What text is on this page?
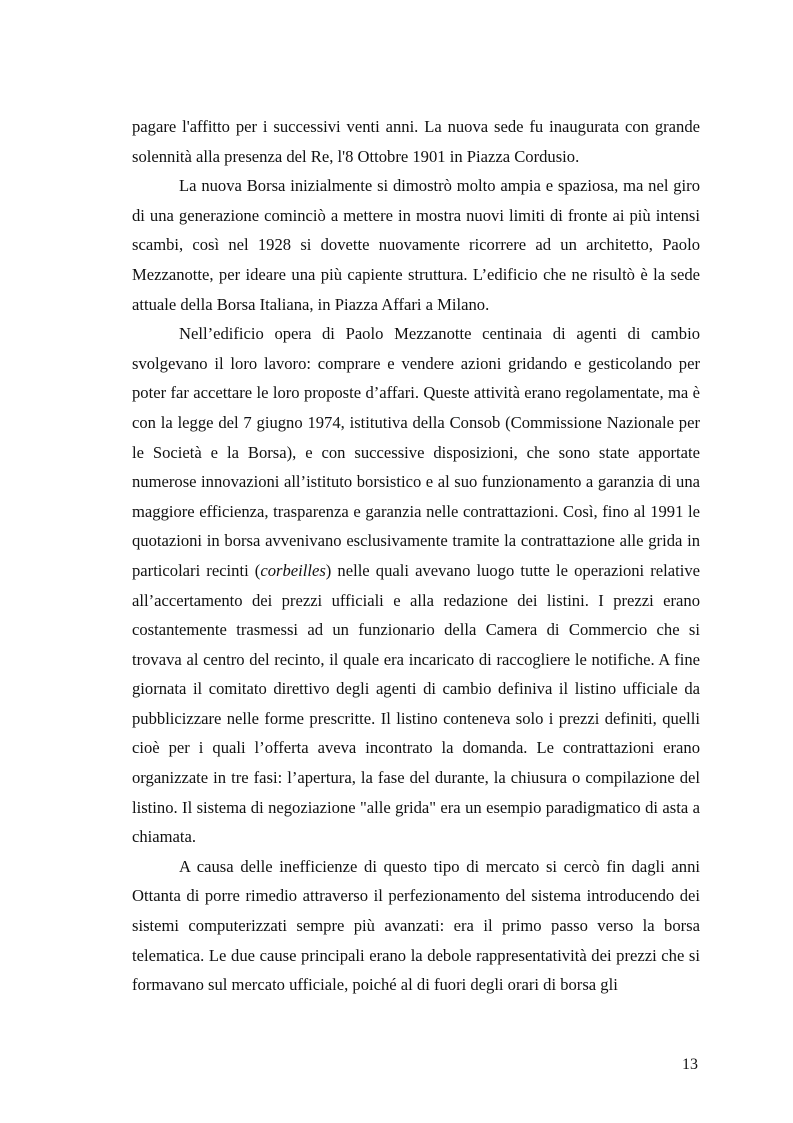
pagare l'affitto per i successivi venti anni. La nuova sede fu inaugurata con grande solennità alla presenza del Re, l'8 Ottobre 1901 in Piazza Cordusio.

La nuova Borsa inizialmente si dimostrò molto ampia e spaziosa, ma nel giro di una generazione cominciò a mettere in mostra nuovi limiti di fronte ai più intensi scambi, così nel 1928 si dovette nuovamente ricorrere ad un architetto, Paolo Mezzanotte, per ideare una più capiente struttura. L’edificio che ne risultò è la sede attuale della Borsa Italiana, in Piazza Affari a Milano.

Nell’edificio opera di Paolo Mezzanotte centinaia di agenti di cambio svolgevano il loro lavoro: comprare e vendere azioni gridando e gesticolando per poter far accettare le loro proposte d’affari. Queste attività erano regolamentate, ma è con la legge del 7 giugno 1974, istitutiva della Consob (Commissione Nazionale per le Società e la Borsa), e con successive disposizioni, che sono state apportate numerose innovazioni all’istituto borsistico e al suo funzionamento a garanzia di una maggiore efficienza, trasparenza e garanzia nelle contrattazioni. Così, fino al 1991 le quotazioni in borsa avvenivano esclusivamente tramite la contrattazione alle grida in particolari recinti (corbeilles) nelle quali avevano luogo tutte le operazioni relative all’accertamento dei prezzi ufficiali e alla redazione dei listini. I prezzi erano costantemente trasmessi ad un funzionario della Camera di Commercio che si trovava al centro del recinto, il quale era incaricato di raccogliere le notifiche. A fine giornata il comitato direttivo degli agenti di cambio definiva il listino ufficiale da pubblicizzare nelle forme prescritte. Il listino conteneva solo i prezzi definiti, quelli cioè per i quali l’offerta aveva incontrato la domanda. Le contrattazioni erano organizzate in tre fasi: l’apertura, la fase del durante, la chiusura o compilazione del listino. Il sistema di negoziazione "alle grida" era un esempio paradigmatico di asta a chiamata.

A causa delle inefficienze di questo tipo di mercato si cercò fin dagli anni Ottanta di porre rimedio attraverso il perfezionamento del sistema introducendo dei sistemi computerizzati sempre più avanzati: era il primo passo verso la borsa telematica. Le due cause principali erano la debole rappresentatività dei prezzi che si formavano sul mercato ufficiale, poiché al di fuori degli orari di borsa gli

13
